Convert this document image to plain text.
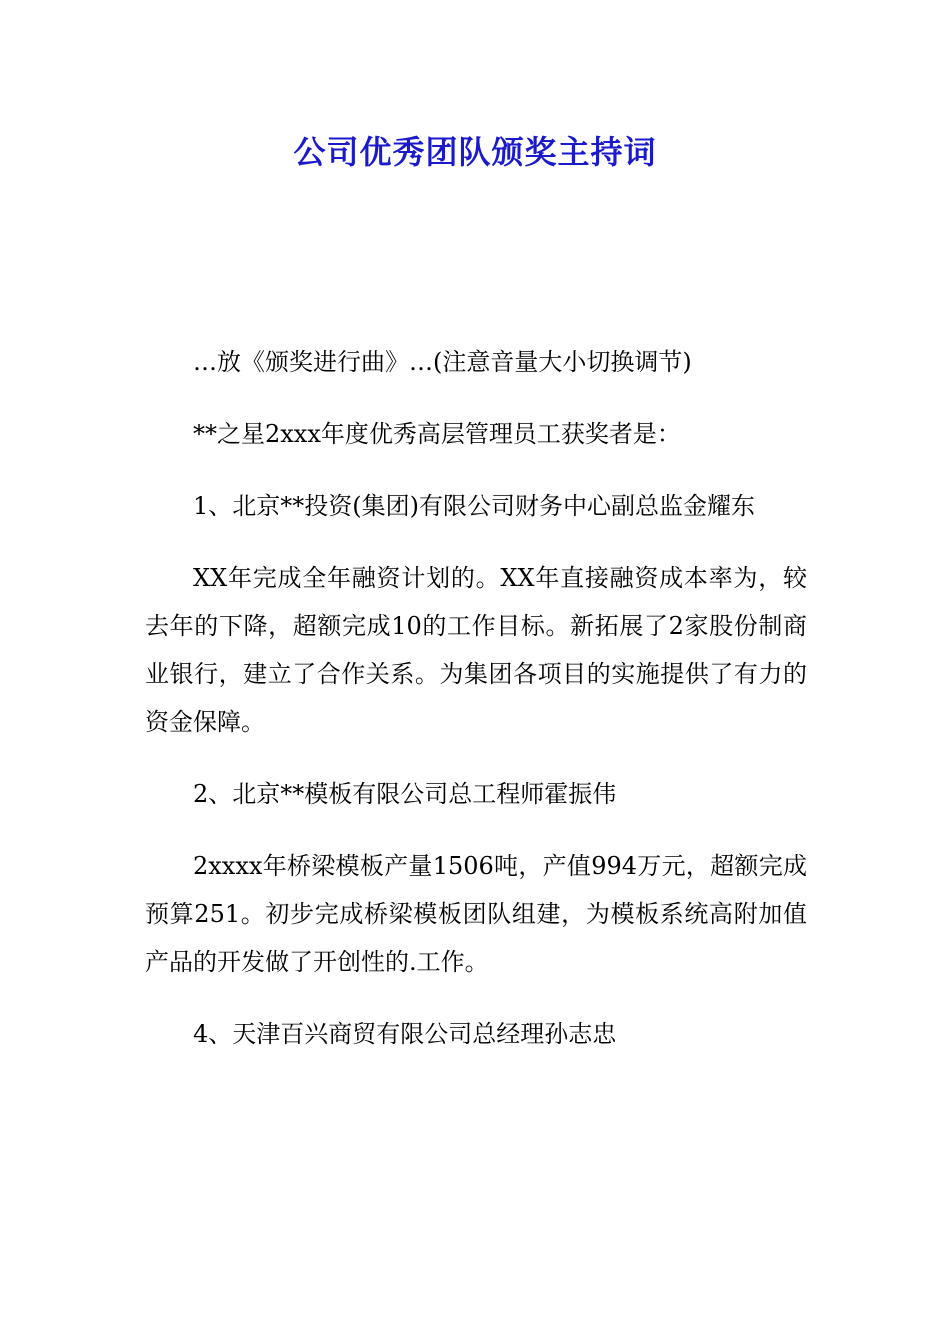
公司优秀团队颁奖主持词

…放《颁奖进行曲》…(注意音量大小切换调节)

**之星2xxx年度优秀高层管理员工获奖者是：

1、北京**投资(集团)有限公司财务中心副总监金耀东

XX年完成全年融资计划的。XX年直接融资成本率为，较去年的下降，超额完成10的工作目标。新拓展了2家股份制商业银行，建立了合作关系。为集团各项目的实施提供了有力的资金保障。

2、北京**模板有限公司总工程师霍振伟

2xxxx年桥梁模板产量1506吨，产值994万元，超额完成预算251。初步完成桥梁模板团队组建，为模板系统高附加值产品的开发做了开创性的.工作。

4、天津百兴商贸有限公司总经理孙志忠
